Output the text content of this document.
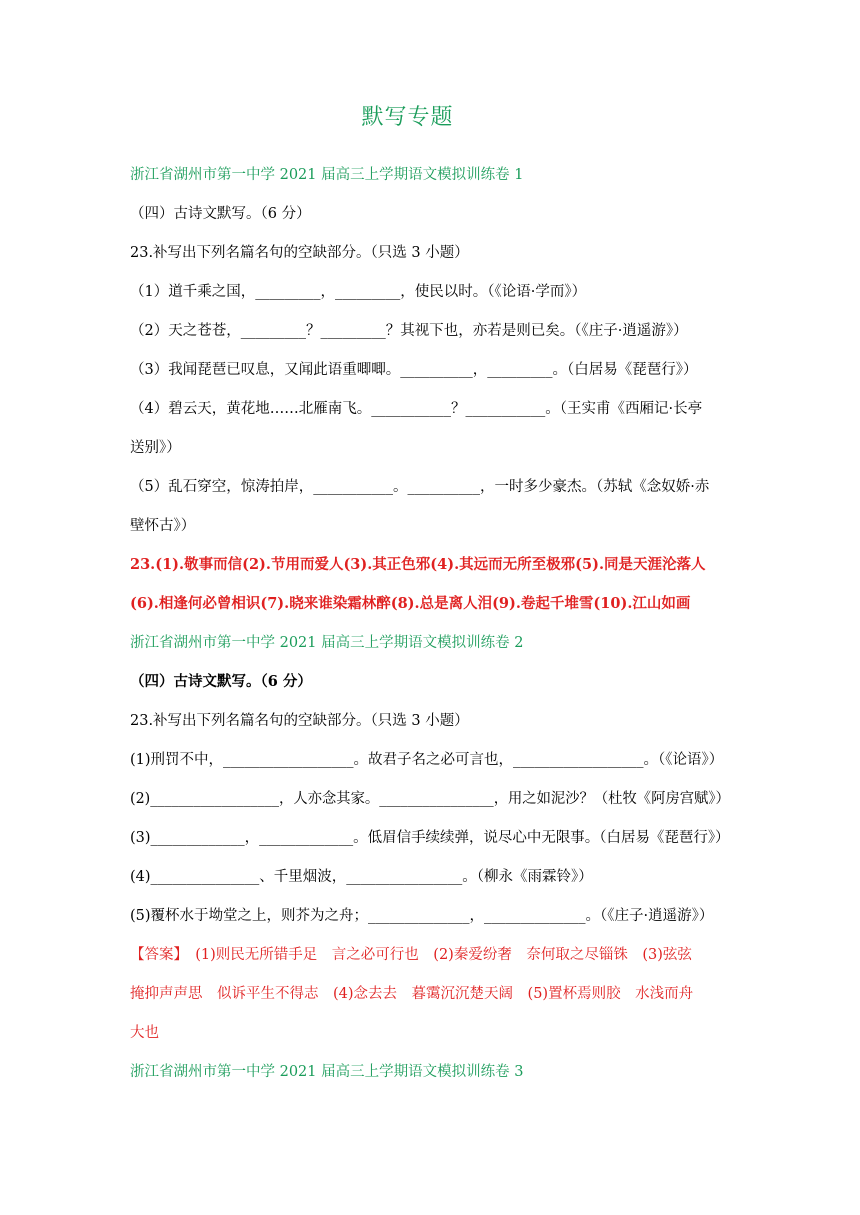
默写专题
浙江省湖州市第一中学 2021 届高三上学期语文模拟训练卷 1
（四）古诗文默写。（6 分）
23.补写出下列名篇名句的空缺部分。（只选 3 小题）
（1）道千乘之国，_________，_________，使民以时。（《论语·学而》）
（2）天之苍苍，_________？_________？其视下也，亦若是则已矣。（《庄子·逍遥游》）
（3）我闻琵琶已叹息，又闻此语重唧唧。__________，_________。（白居易《琵琶行》）
（4）碧云天，黄花地……北雁南飞。___________？___________。（王实甫《西厢记·长亭
送别》）
（5）乱石穿空，惊涛拍岸，___________。__________，一时多少豪杰。（苏轼《念奴娇·赤
壁怀古》）
23.(1).敬事而信(2).节用而爱人(3).其正色邪(4).其远而无所至极邪(5).同是天涯沦落人
(6).相逢何必曾相识(7).晓来谁染霜林醉(8).总是离人泪(9).卷起千堆雪(10).江山如画
浙江省湖州市第一中学 2021 届高三上学期语文模拟训练卷 2
（四）古诗文默写。（6 分）
23.补写出下列名篇名句的空缺部分。（只选 3 小题）
(1)刑罚不中，__________________。故君子名之必可言也，__________________。（《论语》）
(2)__________________，人亦念其家。________________，用之如泥沙？（杜牧《阿房宫赋》）
(3)_____________，_____________。低眉信手续续弹，说尽心中无限事。（白居易《琵琶行》）
(4)_______________、千里烟波，________________。（柳永《雨霖铃》）
(5)覆杯水于坳堂之上，则芥为之舟；______________，______________。（《庄子·逍遥游》）
【答案】　(1)则民无所错手足　言之必可行也　(2)秦爱纷奢　奈何取之尽锱铢　(3)弦弦
掩抑声声思　似诉平生不得志　(4)念去去　暮霭沉沉楚天阔　(5)置杯焉则胶　水浅而舟
大也
浙江省湖州市第一中学 2021 届高三上学期语文模拟训练卷 3
